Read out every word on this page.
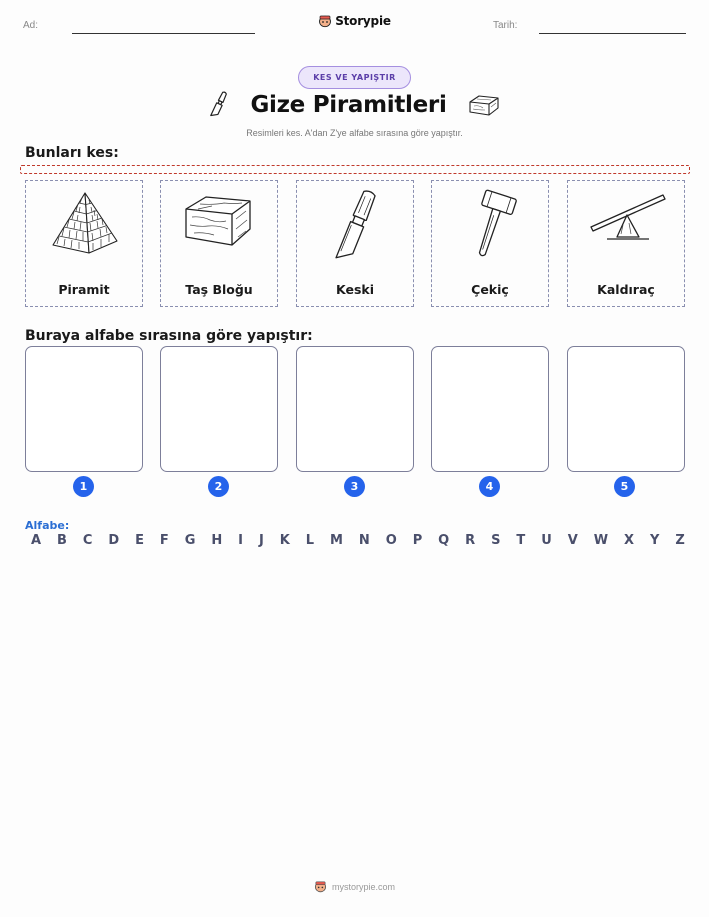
Ad:	Storypie	Tarih:
KES VE YAPIŞTIR
Gize Piramitleri
Resimleri kes. A'dan Z'ye alfabe sırasına göre yapıştır.
Bunları kes:
Piramit	Taş Bloğu	Keski	Çekiç	Kaldıraç
Buraya alfabe sırasına göre yapıştır:
1	2	3	4	5
Alfabe:
A B C D E F G H I J K L M N O P Q R S T U V W X Y Z
mystorypie.com
